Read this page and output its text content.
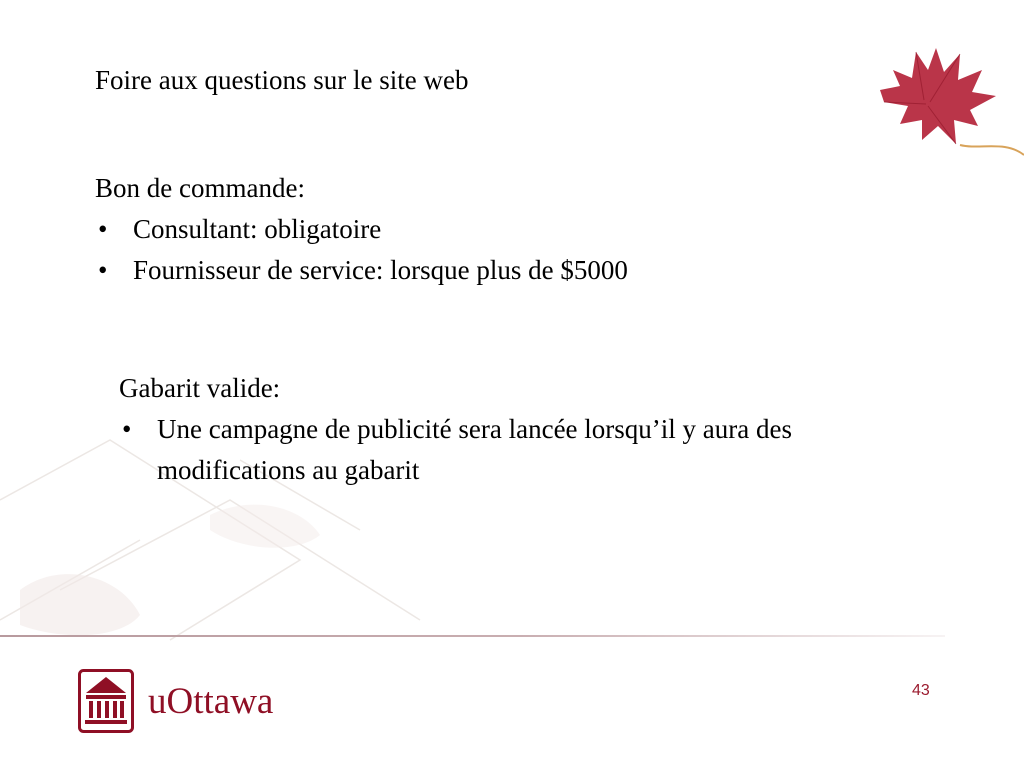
Foire aux questions sur le site web
Bon de commande:
• Consultant: obligatoire
• Fournisseur de service: lorsque plus de $5000
Gabarit valide:
• Une campagne de publicité sera lancée lorsqu’il y aura des modifications au gabarit
uOttawa	43
